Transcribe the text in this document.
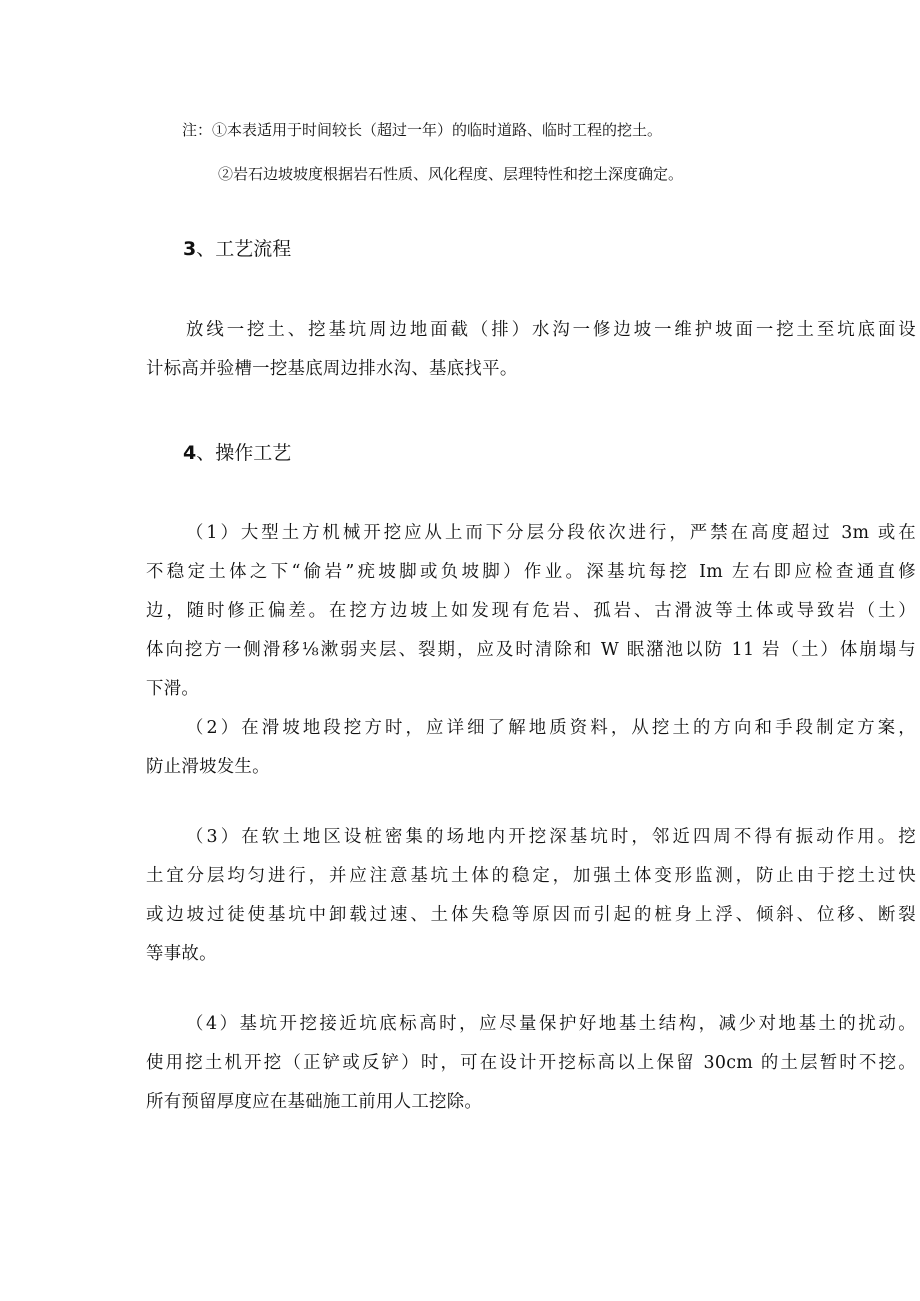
注：①本表适用于时间较长（超过一年）的临时道路、临时工程的挖土。
②岩石边坡坡度根据岩石性质、风化程度、层理特性和挖土深度确定。
3、工艺流程
放线一挖土、挖基坑周边地面截（排）水沟一修边坡一维护坡面一挖土至坑底面设
计标高并验槽一挖基底周边排水沟、基底找平。
4、操作工艺
（1）大型土方机械开挖应从上而下分层分段依次进行，严禁在高度超过 3m 或在
不稳定土体之下“偷岩”疣坡脚或负坡脚）作业。深基坑每挖 Im 左右即应检查通直修
边，随时修正偏差。在挖方边坡上如发现有危岩、孤岩、古滑波等土体或导致岩（土）
体向挖方一侧滑移⅛漱弱夹层、裂期，应及时清除和 W 眠潴池以防 11 岩（土）体崩塌与
下滑。
（2）在滑坡地段挖方时，应详细了解地质资料，从挖土的方向和手段制定方案，
防止滑坡发生。
（3）在软土地区设桩密集的场地内开挖深基坑时，邻近四周不得有振动作用。挖
土宜分层均匀进行，并应注意基坑土体的稳定，加强土体变形监测，防止由于挖土过快
或边坡过徒使基坑中卸载过速、土体失稳等原因而引起的桩身上浮、倾斜、位移、断裂
等事故。
（4）基坑开挖接近坑底标高时，应尽量保护好地基土结构，减少对地基土的扰动。
使用挖土机开挖（正铲或反铲）时，可在设计开挖标高以上保留 30cm 的土层暂时不挖。
所有预留厚度应在基础施工前用人工挖除。
